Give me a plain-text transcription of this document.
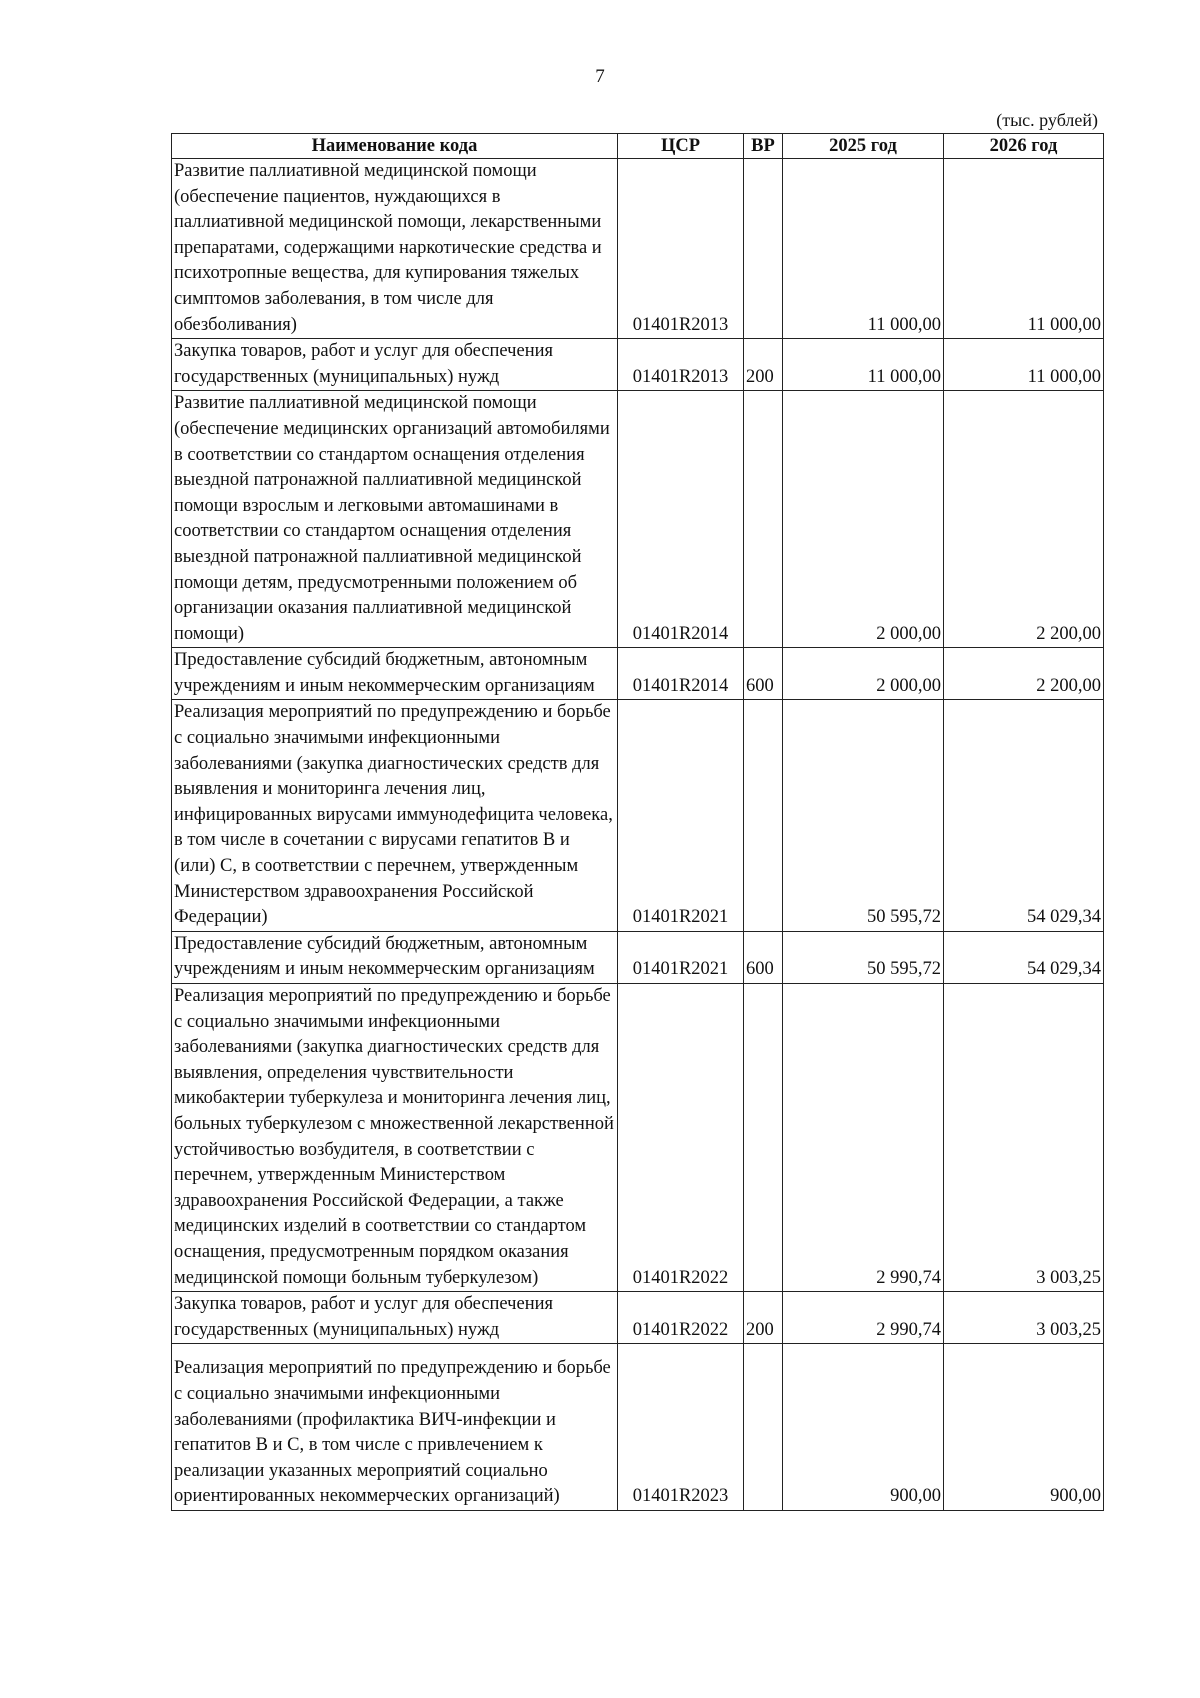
7
(тыс. рублей)
Наименование кода	ЦСР	ВР	2025 год	2026 год
Развитие паллиативной медицинской помощи (обеспечение пациентов, нуждающихся в паллиативной медицинской помощи, лекарственными препаратами, содержащими наркотические средства и психотропные вещества, для купирования тяжелых симптомов заболевания, в том числе для обезболивания)	01401R2013		11 000,00	11 000,00
Закупка товаров, работ и услуг для обеспечения государственных (муниципальных) нужд	01401R2013	200	11 000,00	11 000,00
Развитие паллиативной медицинской помощи (обеспечение медицинских организаций автомобилями в соответствии со стандартом оснащения отделения выездной патронажной паллиативной медицинской помощи взрослым и легковыми автомашинами в соответствии со стандартом оснащения отделения выездной патронажной паллиативной медицинской помощи детям, предусмотренными положением об организации оказания паллиативной медицинской помощи)	01401R2014		2 000,00	2 200,00
Предоставление субсидий бюджетным, автономным учреждениям и иным некоммерческим организациям	01401R2014	600	2 000,00	2 200,00
Реализация мероприятий по предупреждению и борьбе с социально значимыми инфекционными заболеваниями (закупка диагностических средств для выявления и мониторинга лечения лиц, инфицированных вирусами иммунодефицита человека, в том числе в сочетании с вирусами гепатитов B и (или) C, в соответствии с перечнем, утвержденным Министерством здравоохранения Российской Федерации)	01401R2021		50 595,72	54 029,34
Предоставление субсидий бюджетным, автономным учреждениям и иным некоммерческим организациям	01401R2021	600	50 595,72	54 029,34
Реализация мероприятий по предупреждению и борьбе с социально значимыми инфекционными заболеваниями (закупка диагностических средств для выявления, определения чувствительности микобактерии туберкулеза и мониторинга лечения лиц, больных туберкулезом с множественной лекарственной устойчивостью возбудителя, в соответствии с перечнем, утвержденным Министерством здравоохранения Российской Федерации, а также медицинских изделий в соответствии со стандартом оснащения, предусмотренным порядком оказания медицинской помощи больным туберкулезом)	01401R2022		2 990,74	3 003,25
Закупка товаров, работ и услуг для обеспечения государственных (муниципальных) нужд	01401R2022	200	2 990,74	3 003,25
Реализация мероприятий по предупреждению и борьбе с социально значимыми инфекционными заболеваниями (профилактика ВИЧ-инфекции и гепатитов B и C, в том числе с привлечением к реализации указанных мероприятий социально ориентированных некоммерческих организаций)	01401R2023		900,00	900,00
